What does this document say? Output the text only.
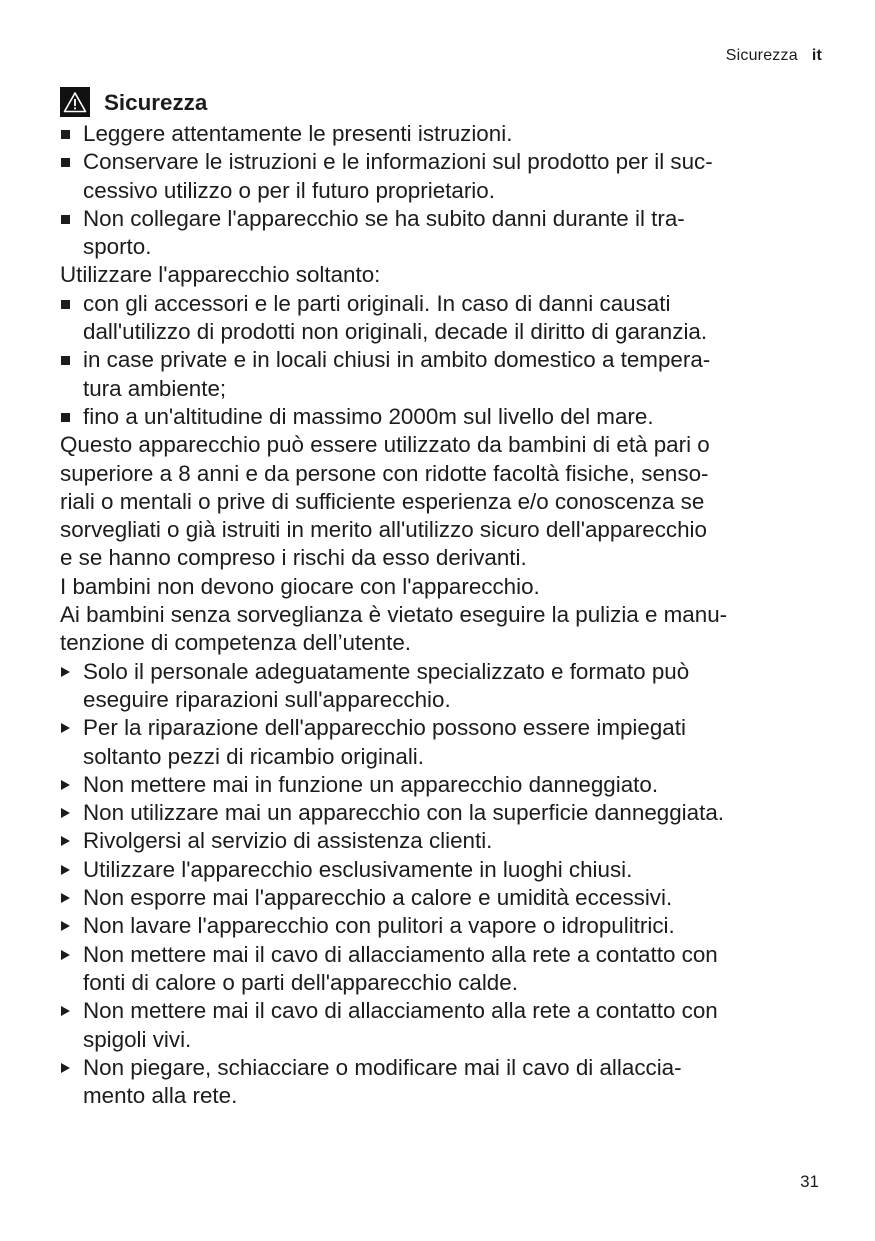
Sicurezza it
Sicurezza
Leggere attentamente le presenti istruzioni.
Conservare le istruzioni e le informazioni sul prodotto per il suc-
cessivo utilizzo o per il futuro proprietario.
Non collegare l'apparecchio se ha subito danni durante il tra-
sporto.
Utilizzare l'apparecchio soltanto:
con gli accessori e le parti originali. In caso di danni causati
dall'utilizzo di prodotti non originali, decade il diritto di garanzia.
in case private e in locali chiusi in ambito domestico a tempera-
tura ambiente;
fino a un'altitudine di massimo 2000m sul livello del mare.
Questo apparecchio può essere utilizzato da bambini di età pari o
superiore a 8 anni e da persone con ridotte facoltà fisiche, senso-
riali o mentali o prive di sufficiente esperienza e/o conoscenza se
sorvegliati o già istruiti in merito all'utilizzo sicuro dell'apparecchio
e se hanno compreso i rischi da esso derivanti.
I bambini non devono giocare con l'apparecchio.
Ai bambini senza sorveglianza è vietato eseguire la pulizia e manu-
tenzione di competenza dell’utente.
Solo il personale adeguatamente specializzato e formato può
eseguire riparazioni sull'apparecchio.
Per la riparazione dell'apparecchio possono essere impiegati
soltanto pezzi di ricambio originali.
Non mettere mai in funzione un apparecchio danneggiato.
Non utilizzare mai un apparecchio con la superficie danneggiata.
Rivolgersi al servizio di assistenza clienti.
Utilizzare l'apparecchio esclusivamente in luoghi chiusi.
Non esporre mai l'apparecchio a calore e umidità eccessivi.
Non lavare l'apparecchio con pulitori a vapore o idropulitrici.
Non mettere mai il cavo di allacciamento alla rete a contatto con
fonti di calore o parti dell'apparecchio calde.
Non mettere mai il cavo di allacciamento alla rete a contatto con
spigoli vivi.
Non piegare, schiacciare o modificare mai il cavo di allaccia-
mento alla rete.
31
